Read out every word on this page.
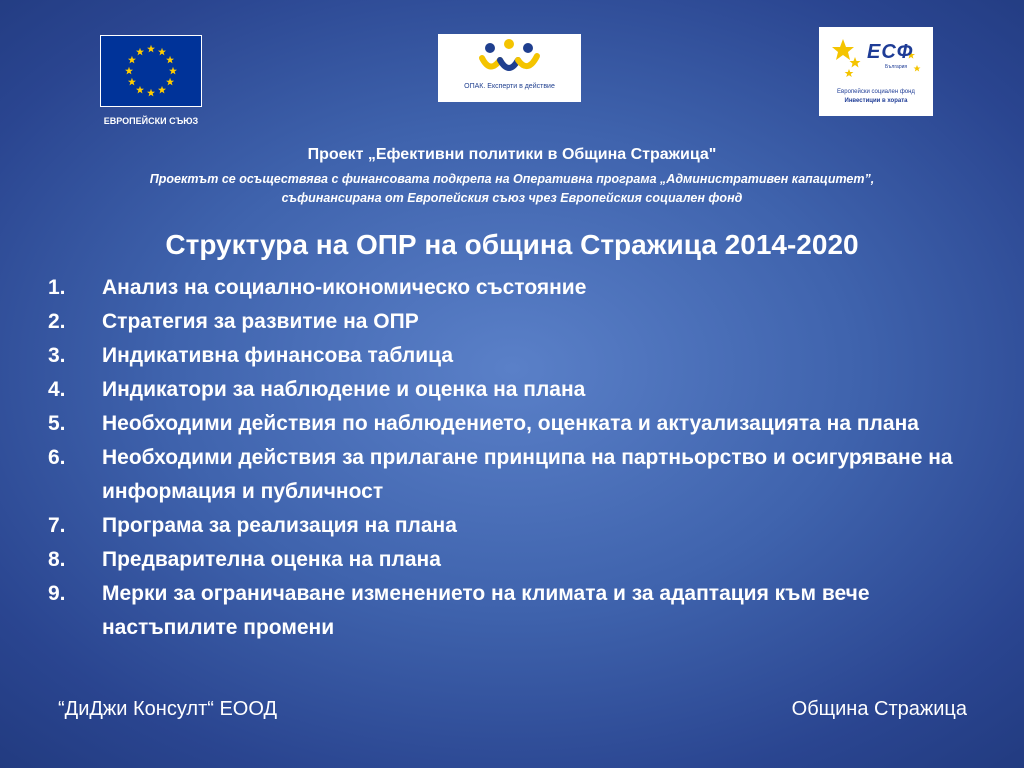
ЕВРОПЕЙСКИ СЪЮЗ
ОПАК. Експерти в действие
ЕСФ
България
Европейски социален фонд
Инвестиции в хората
Проект „Ефективни политики в Община Стражица"
Проектът се осъществява с финансовата подкрепа на Оперативна програма „Административен капацитет”,
съфинансирана от Европейския съюз чрез Европейския социален фонд
Структура на ОПР на община Стражица 2014-2020
1. Анализ на социално-икономическо състояние
2. Стратегия за развитие на ОПР
3. Индикативна финансова таблица
4. Индикатори за наблюдение и оценка на плана
5. Необходими действия по наблюдението, оценката и актуализацията на плана
6. Необходими действия за прилагане принципа на партньорство и осигуряване на информация и публичност
7. Програма за реализация на плана
8. Предварителна оценка на плана
9. Мерки за ограничаване изменението на климата и за адаптация към вече настъпилите промени
“ДиДжи Консулт“ ЕООД	Община Стражица
